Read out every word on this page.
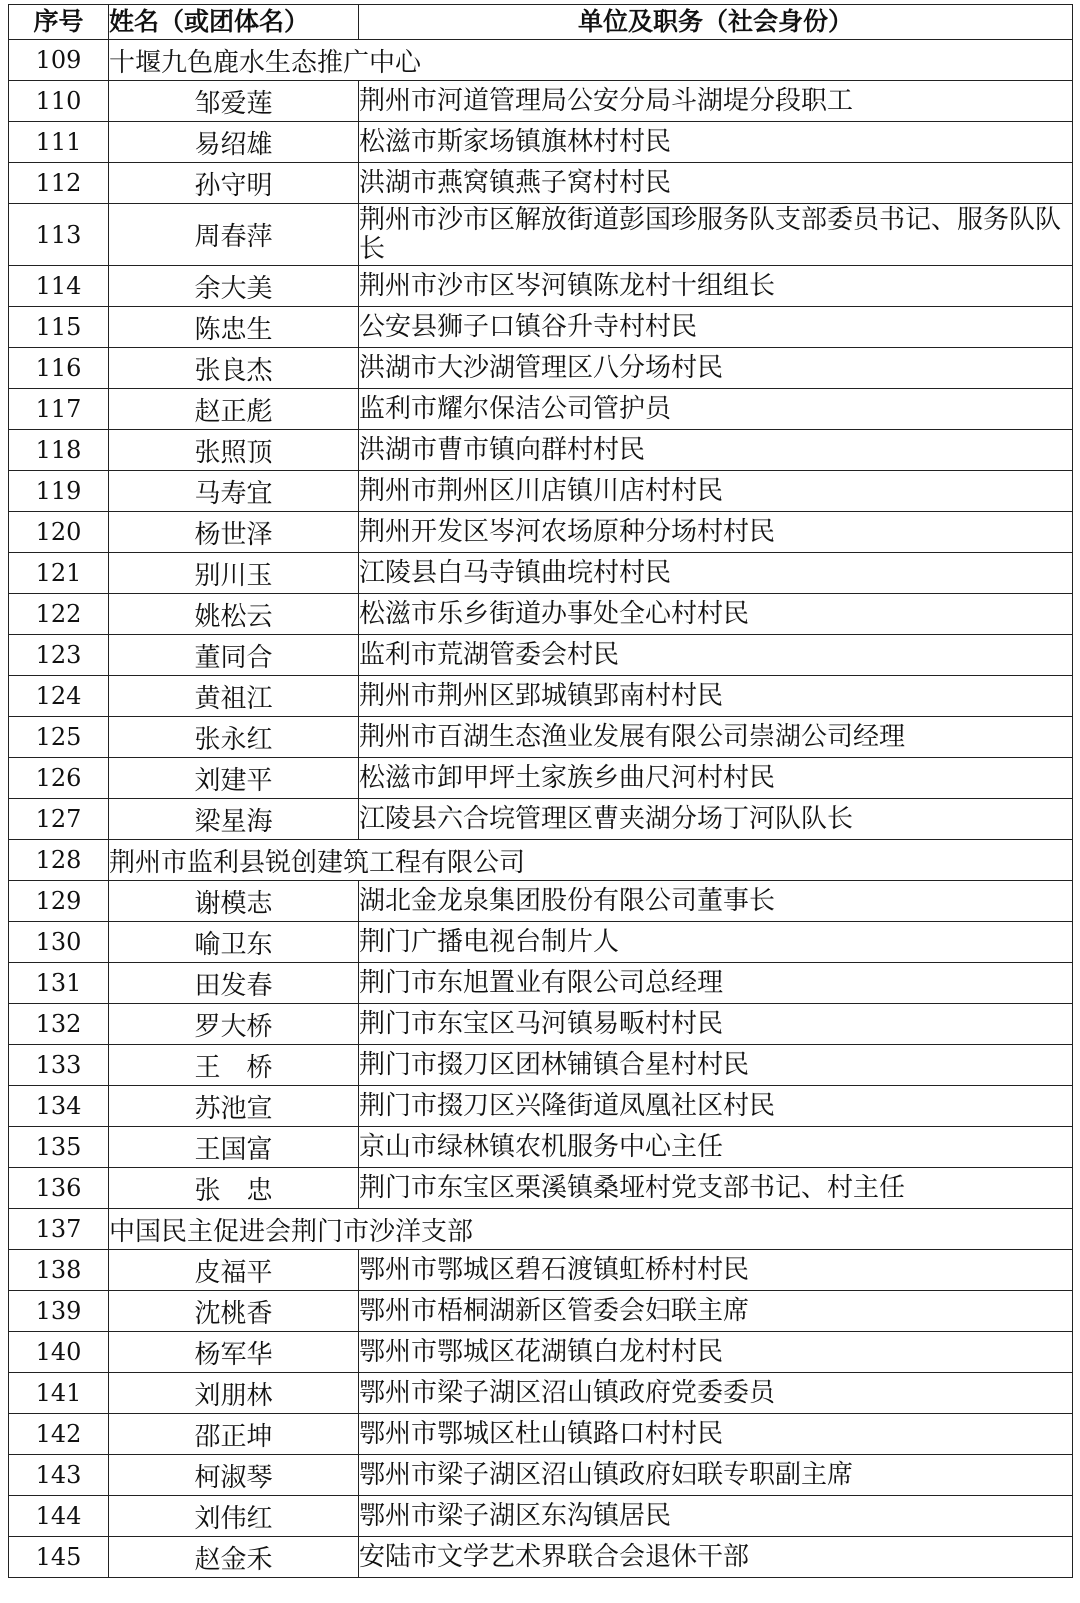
序号	姓名（或团体名）	单位及职务（社会身份）
109	十堰九色鹿水生态推广中心	
110	邹爱莲	荆州市河道管理局公安分局斗湖堤分段职工
111	易绍雄	松滋市斯家场镇旗林村村民
112	孙守明	洪湖市燕窝镇燕子窝村村民
113	周春萍	荆州市沙市区解放街道彭国珍服务队支部委员书记、服务队队长
114	余大美	荆州市沙市区岑河镇陈龙村十组组长
115	陈忠生	公安县狮子口镇谷升寺村村民
116	张良杰	洪湖市大沙湖管理区八分场村民
117	赵正彪	监利市耀尔保洁公司管护员
118	张照顶	洪湖市曹市镇向群村村民
119	马寿宜	荆州市荆州区川店镇川店村村民
120	杨世泽	荆州开发区岑河农场原种分场村村民
121	别川玉	江陵县白马寺镇曲垸村村民
122	姚松云	松滋市乐乡街道办事处全心村村民
123	董同合	监利市荒湖管委会村民
124	黄祖江	荆州市荆州区郢城镇郢南村村民
125	张永红	荆州市百湖生态渔业发展有限公司崇湖公司经理
126	刘建平	松滋市卸甲坪土家族乡曲尺河村村民
127	梁星海	江陵县六合垸管理区曹夹湖分场丁河队队长
128	荆州市监利县锐创建筑工程有限公司	
129	谢模志	湖北金龙泉集团股份有限公司董事长
130	喻卫东	荆门广播电视台制片人
131	田发春	荆门市东旭置业有限公司总经理
132	罗大桥	荆门市东宝区马河镇易畈村村民
133	王　桥	荆门市掇刀区团林铺镇合星村村民
134	苏池宣	荆门市掇刀区兴隆街道凤凰社区村民
135	王国富	京山市绿林镇农机服务中心主任
136	张　忠	荆门市东宝区栗溪镇桑垭村党支部书记、村主任
137	中国民主促进会荆门市沙洋支部	
138	皮福平	鄂州市鄂城区碧石渡镇虹桥村村民
139	沈桃香	鄂州市梧桐湖新区管委会妇联主席
140	杨军华	鄂州市鄂城区花湖镇白龙村村民
141	刘朋林	鄂州市梁子湖区沼山镇政府党委委员
142	邵正坤	鄂州市鄂城区杜山镇路口村村民
143	柯淑琴	鄂州市梁子湖区沼山镇政府妇联专职副主席
144	刘伟红	鄂州市梁子湖区东沟镇居民
145	赵金禾	安陆市文学艺术界联合会退休干部
